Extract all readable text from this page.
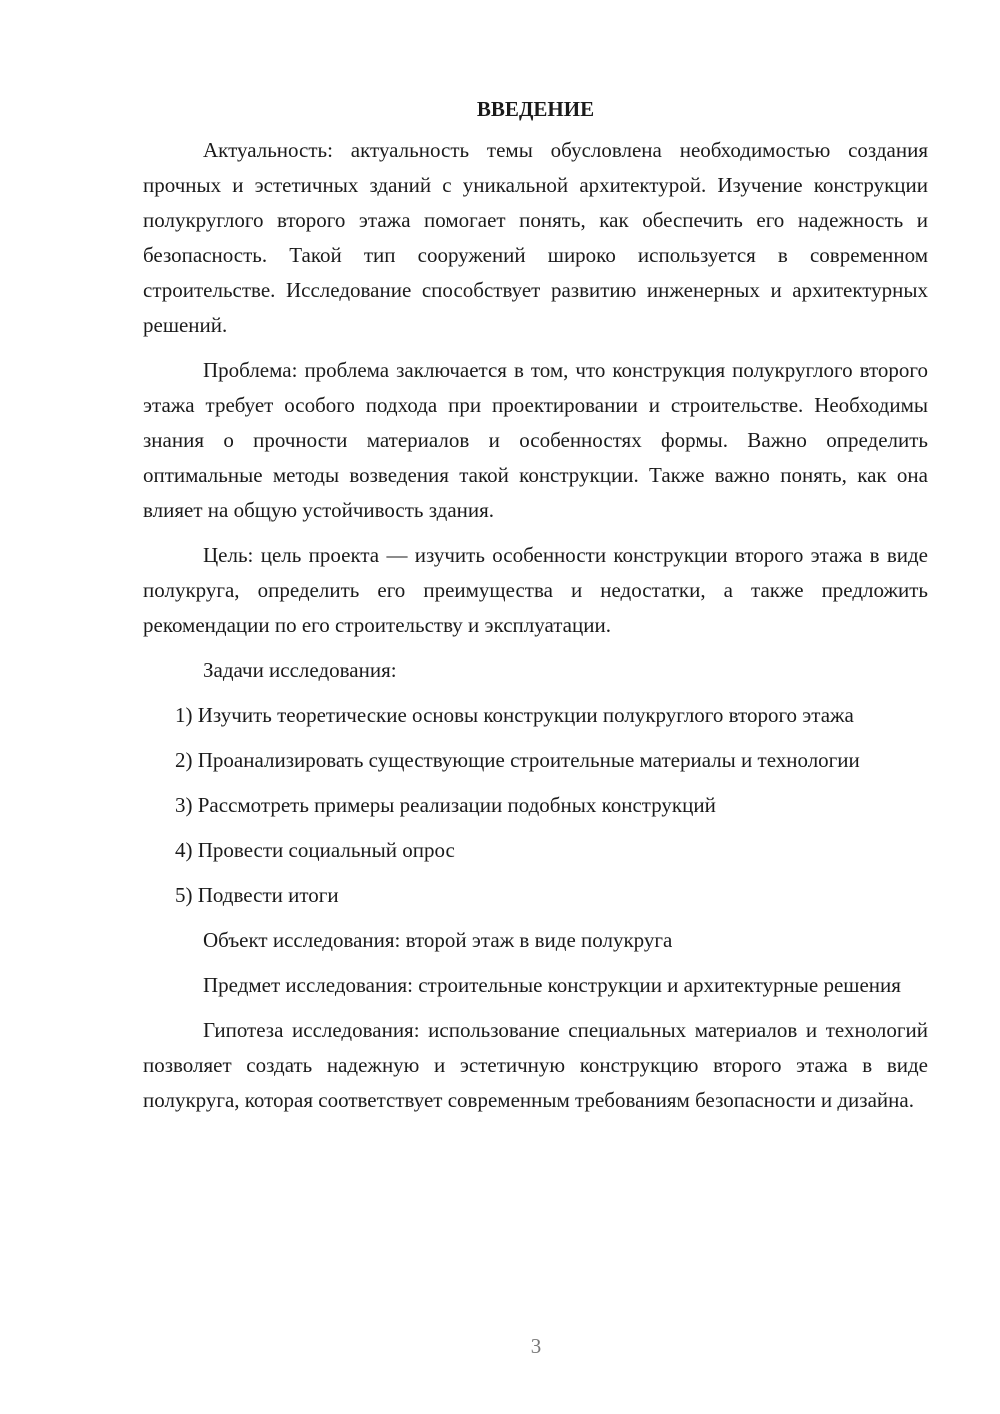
ВВЕДЕНИЕ

Актуальность: актуальность темы обусловлена необходимостью создания прочных и эстетичных зданий с уникальной архитектурой. Изучение конструкции полукруглого второго этажа помогает понять, как обеспечить его надежность и безопасность. Такой тип сооружений широко используется в современном строительстве. Исследование способствует развитию инженерных и архитектурных решений.

Проблема: проблема заключается в том, что конструкция полукруглого второго этажа требует особого подхода при проектировании и строительстве. Необходимы знания о прочности материалов и особенностях формы. Важно определить оптимальные методы возведения такой конструкции. Также важно понять, как она влияет на общую устойчивость здания.

Цель: цель проекта — изучить особенности конструкции второго этажа в виде полукруга, определить его преимущества и недостатки, а также предложить рекомендации по его строительству и эксплуатации.

Задачи исследования:

1) Изучить теоретические основы конструкции полукруглого второго этажа

2) Проанализировать существующие строительные материалы и технологии

3) Рассмотреть примеры реализации подобных конструкций

4) Провести социальный опрос

5) Подвести итоги

Объект исследования: второй этаж в виде полукруга

Предмет исследования: строительные конструкции и архитектурные решения

Гипотеза исследования: использование специальных материалов и технологий позволяет создать надежную и эстетичную конструкцию второго этажа в виде полукруга, которая соответствует современным требованиям безопасности и дизайна.

3
